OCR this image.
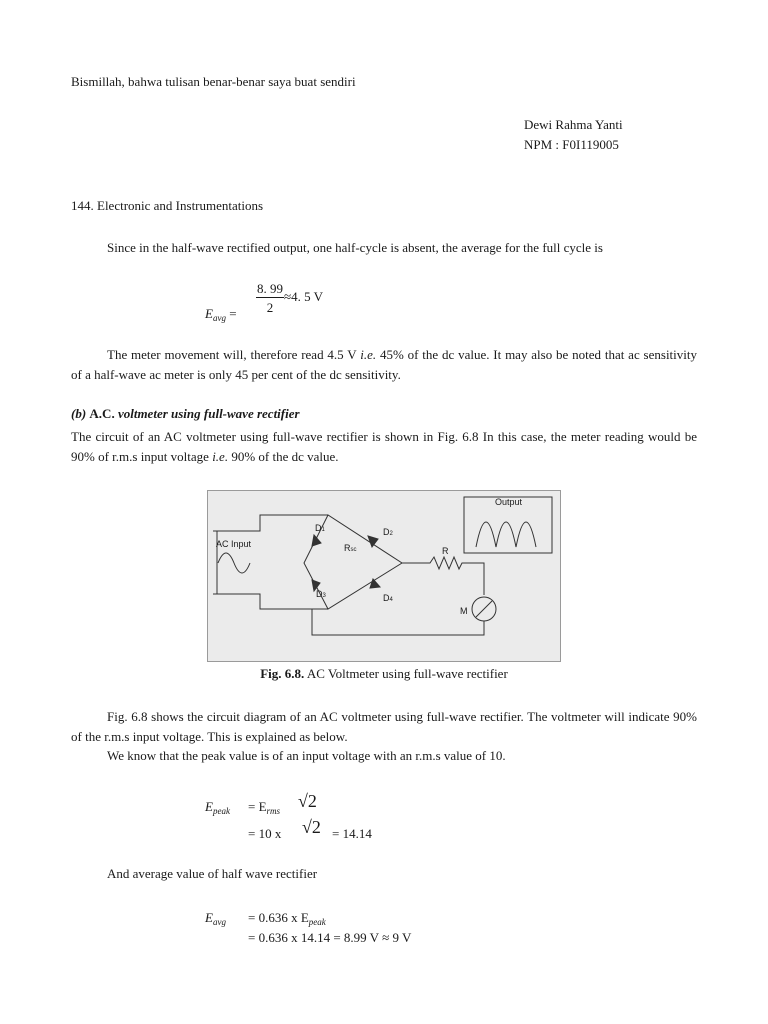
Bismillah, bahwa tulisan benar-benar saya buat sendiri
Dewi Rahma Yanti
NPM : F0I119005
144. Electronic and Instrumentations
Since in the half-wave rectified output, one half-cycle is absent, the average for the full cycle is
$E_{avg}$ =
8. 99
2
≈4. 5 V
The meter movement will, therefore read 4.5 V i.e. 45% of the dc value. It may also be noted that ac sensitivity of a half-wave ac meter is only 45 per cent of the dc sensitivity.
(b) A.C. voltmeter using full-wave rectifier
The circuit of an AC voltmeter using full-wave rectifier is shown in Fig. 6.8 In this case, the meter reading would be 90% of r.m.s input voltage i.e. 90% of the dc value.
Output
AC Input
D1	D2
D3	D4
Rsc	R
M
Fig. 6.8. AC Voltmeter using full-wave rectifier
Fig. 6.8 shows the circuit diagram of an AC voltmeter using full-wave rectifier. The voltmeter will indicate 90% of the r.m.s input voltage. This is explained as below.
We know that the peak value is of an input voltage with an r.m.s value of 10.
$E_{peak} = E_{rms}$ √2
= 10 x √2 = 14.14
And average value of half wave rectifier
$E_{avg} = 0.636$ x $E_{peak}$
= 0.636 x 14.14 = 8.99 V ≈ 9 V
